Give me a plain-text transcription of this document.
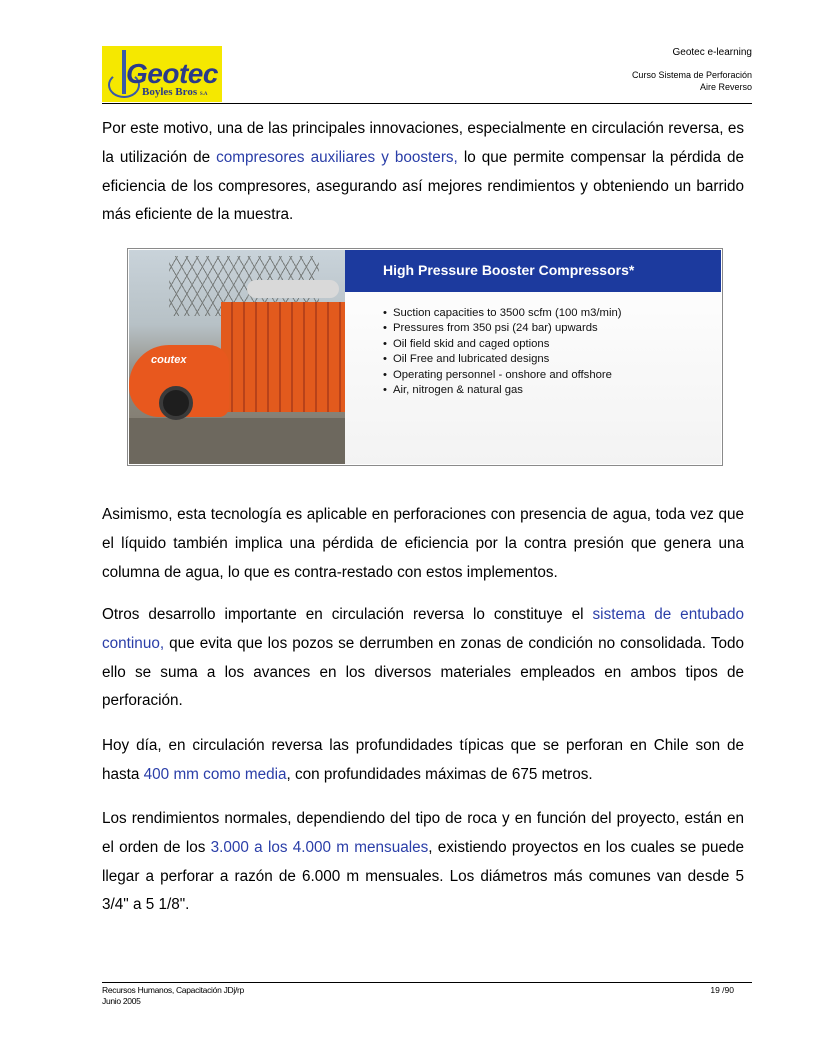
Geotec
Boyles Bros S.A
Geotec e-learning
Curso Sistema de Perforación
Aire Reverso
Por este motivo, una de las principales innovaciones, especialmente en circulación reversa, es la utilización de compresores auxiliares y boosters, lo que permite compensar la pérdida de eficiencia de los compresores, asegurando así mejores rendimientos y obteniendo un barrido más eficiente de la muestra.
coutex
High Pressure Booster Compressors*
• Suction capacities to 3500 scfm (100 m3/min)
• Pressures from 350 psi (24 bar) upwards
• Oil field skid and caged options
• Oil Free and lubricated designs
• Operating personnel - onshore and offshore
• Air, nitrogen & natural gas
Asimismo, esta tecnología es aplicable en perforaciones con presencia de agua, toda vez que el líquido también implica una pérdida de eficiencia por la contra presión que genera una columna de agua, lo que es contra-restado con estos implementos.
Otros desarrollo importante en circulación reversa lo constituye el sistema de entubado continuo, que evita que los pozos se derrumben en zonas de condición no consolidada. Todo ello se suma a los avances en los diversos materiales empleados en ambos tipos de perforación.
Hoy día, en circulación reversa las profundidades típicas que se perforan en Chile son de hasta 400 mm como media, con profundidades máximas de 675 metros.
Los rendimientos normales, dependiendo del tipo de roca y en función del proyecto, están en el orden de los 3.000 a los 4.000 m mensuales, existiendo proyectos en los cuales se puede llegar a perforar a razón de 6.000 m mensuales. Los diámetros más comunes van desde 5 3/4" a 5 1/8".
Recursos Humanos, Capacitación JDj/rp
Junio 2005
19 /90
